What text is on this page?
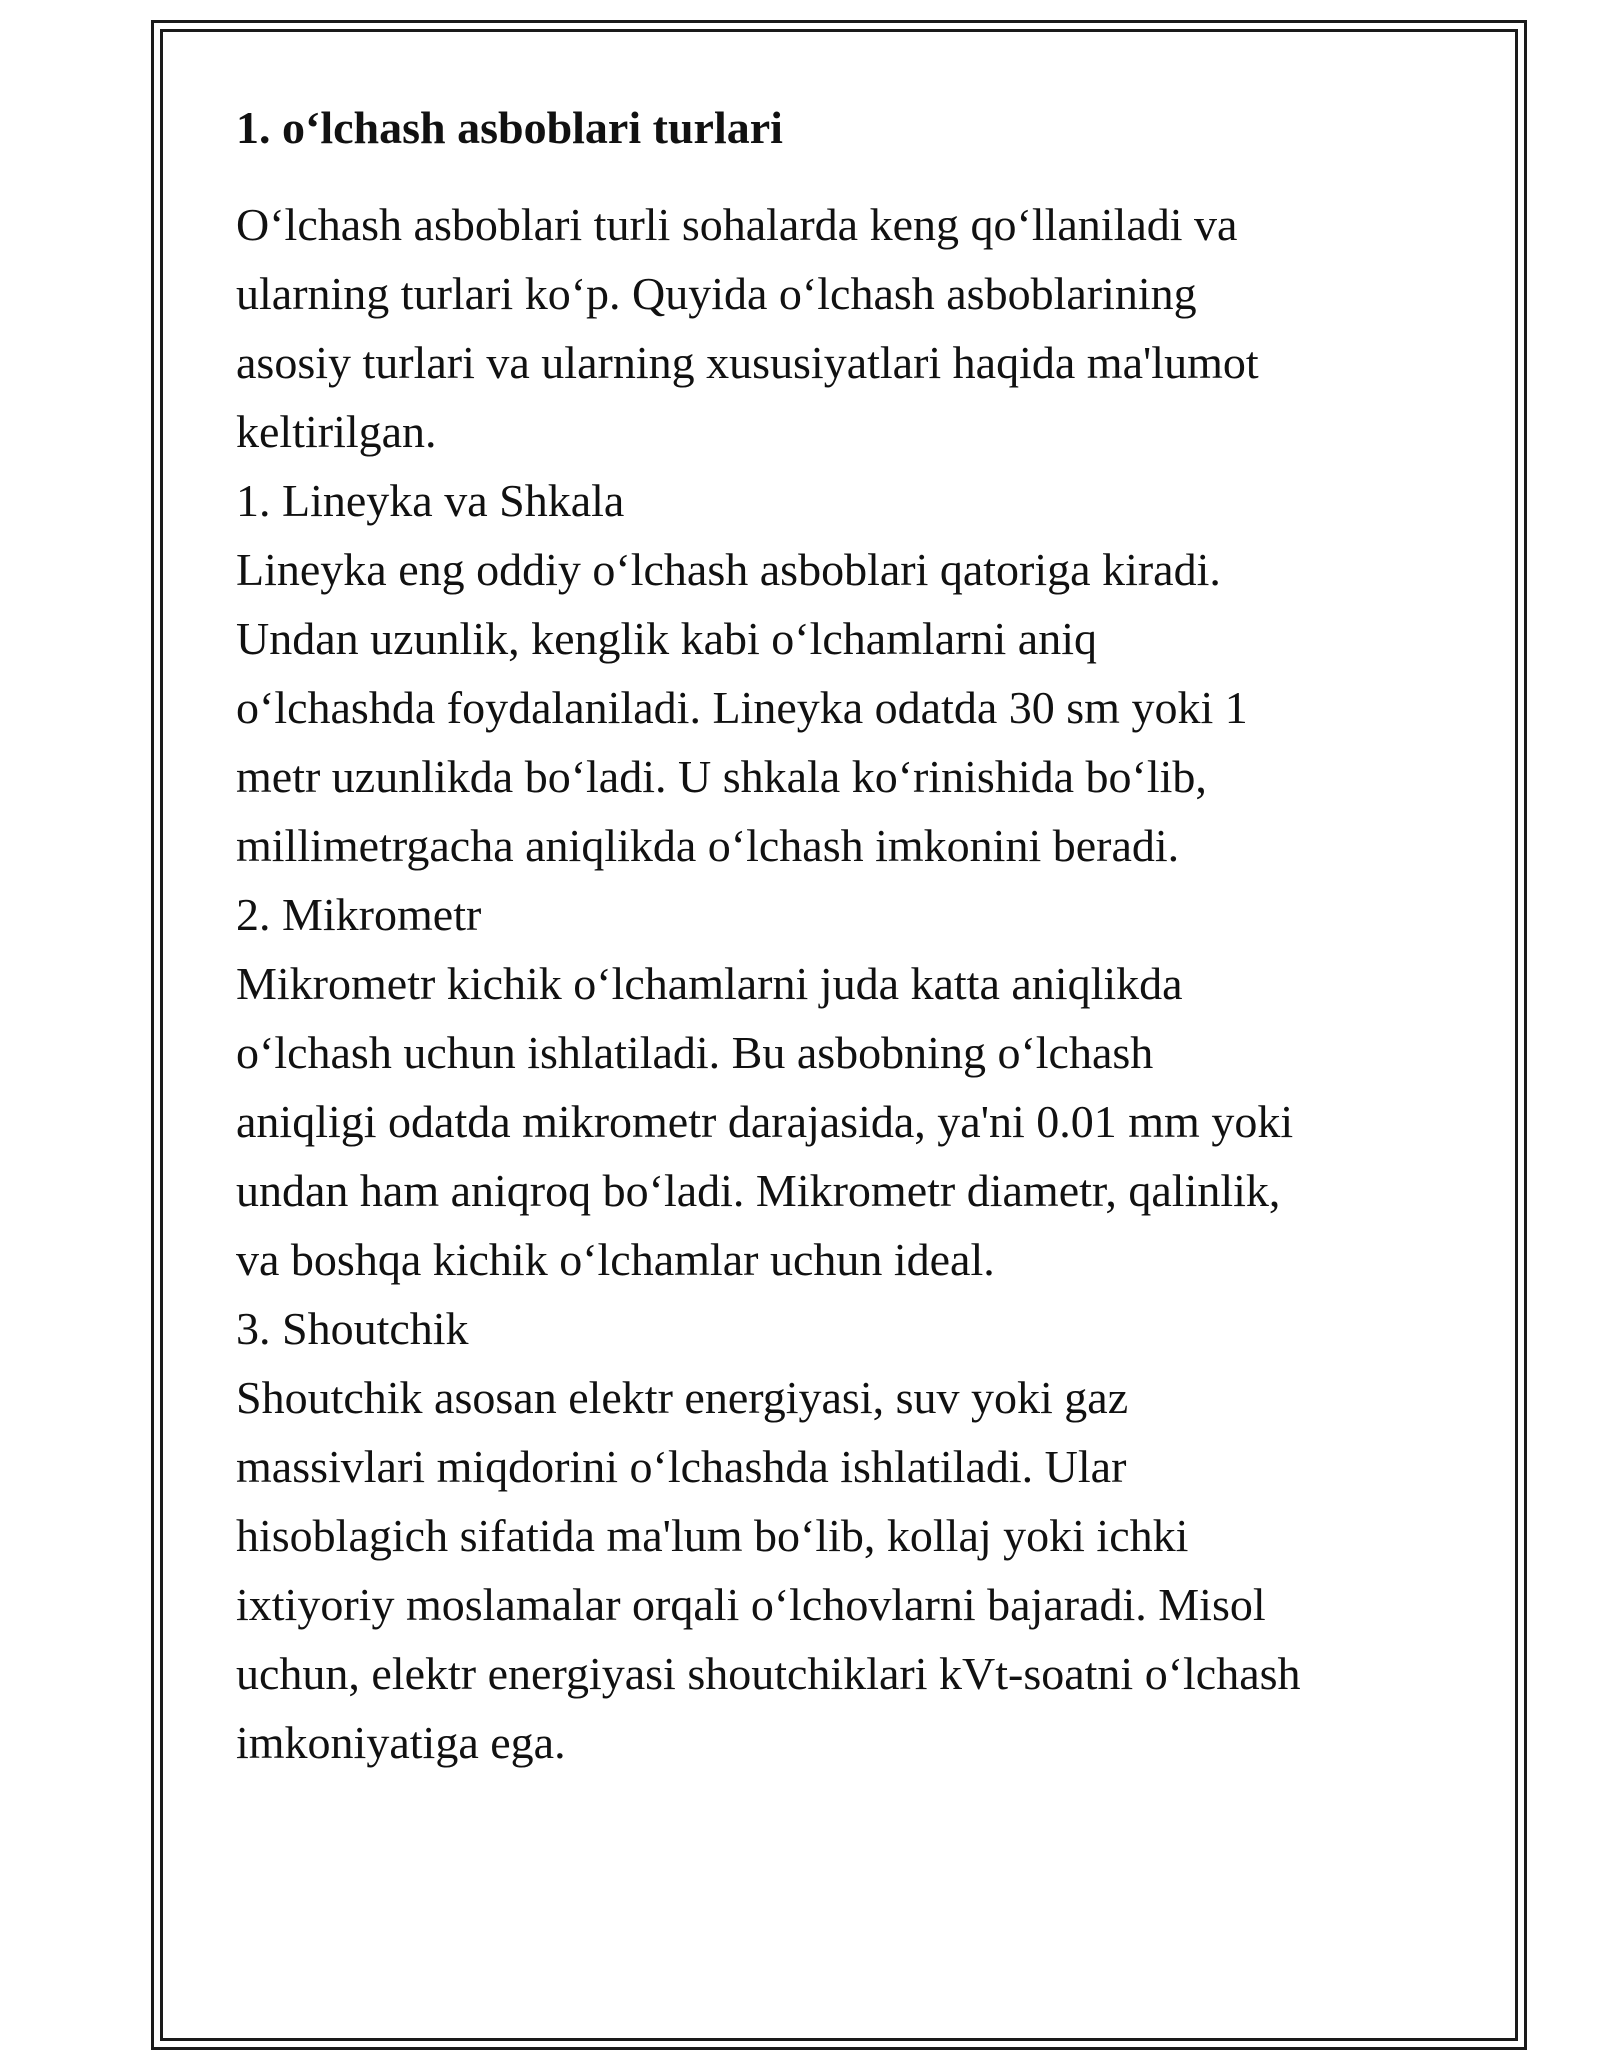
1. o‘lchash asboblari turlari
O‘lchash asboblari turli sohalarda keng qo‘llaniladi va
ularning turlari ko‘p. Quyida o‘lchash asboblarining
asosiy turlari va ularning xususiyatlari haqida ma'lumot
keltirilgan.
1. Lineyka va Shkala
Lineyka eng oddiy o‘lchash asboblari qatoriga kiradi.
Undan uzunlik, kenglik kabi o‘lchamlarni aniq
o‘lchashda foydalaniladi. Lineyka odatda 30 sm yoki 1
metr uzunlikda bo‘ladi. U shkala ko‘rinishida bo‘lib,
millimetrgacha aniqlikda o‘lchash imkonini beradi.
2. Mikrometr
Mikrometr kichik o‘lchamlarni juda katta aniqlikda
o‘lchash uchun ishlatiladi. Bu asbobning o‘lchash
aniqligi odatda mikrometr darajasida, ya'ni 0.01 mm yoki
undan ham aniqroq bo‘ladi. Mikrometr diametr, qalinlik,
va boshqa kichik o‘lchamlar uchun ideal.
3. Shoutchik
Shoutchik asosan elektr energiyasi, suv yoki gaz
massivlari miqdorini o‘lchashda ishlatiladi. Ular
hisoblagich sifatida ma'lum bo‘lib, kollaj yoki ichki
ixtiyoriy moslamalar orqali o‘lchovlarni bajaradi. Misol
uchun, elektr energiyasi shoutchiklari kVt-soatni o‘lchash
imkoniyatiga ega.
